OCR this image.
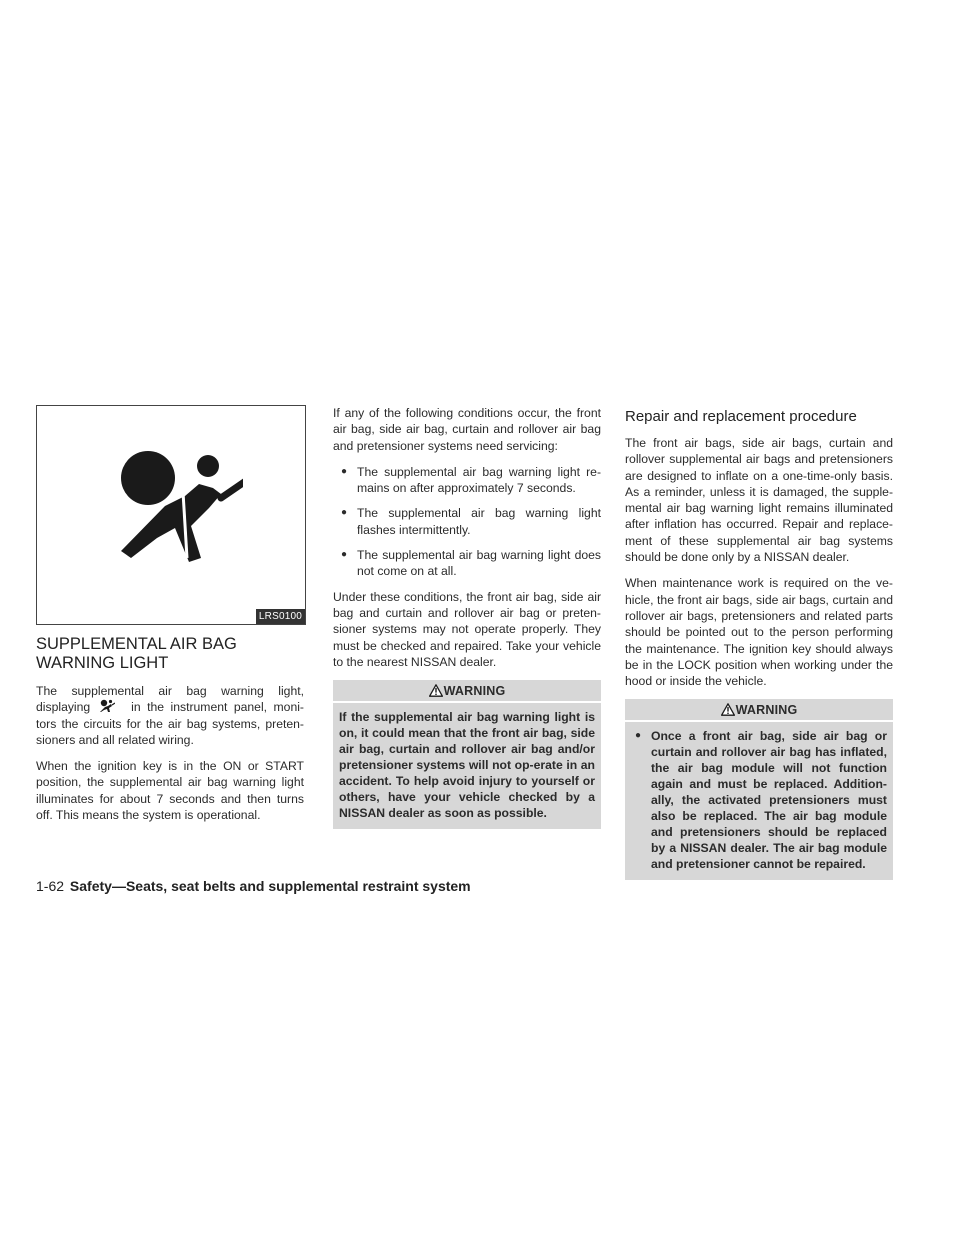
LRS0100
SUPPLEMENTAL AIR BAG WARNING LIGHT

The supplemental air bag warning light, displaying	in the instrument panel, moni-tors the circuits for the air bag systems, preten-sioners and all related wiring.

When the ignition key is in the ON or START position, the supplemental air bag warning light illuminates for about 7 seconds and then turns off. This means the system is operational.

If any of the following conditions occur, the front air bag, side air bag, curtain and rollover air bag and pretensioner systems need servicing:

● The supplemental air bag warning light re-mains on after approximately 7 seconds.
● The supplemental air bag warning light flashes intermittently.
● The supplemental air bag warning light does not come on at all.

Under these conditions, the front air bag, side air bag and curtain and rollover air bag or preten-sioner systems may not operate properly. They must be checked and repaired. Take your vehicle to the nearest NISSAN dealer.

WARNING
If the supplemental air bag warning light is on, it could mean that the front air bag, side air bag, curtain and rollover air bag and/or pretensioner systems will not op-erate in an accident. To help avoid injury to yourself or others, have your vehicle checked by a NISSAN dealer as soon as possible.
Repair and replacement procedure

The front air bags, side air bags, curtain and rollover supplemental air bags and pretensioners are designed to inflate on a one-time-only basis. As a reminder, unless it is damaged, the supple-mental air bag warning light remains illuminated after inflation has occurred. Repair and replace-ment of these supplemental air bag systems should be done only by a NISSAN dealer.

When maintenance work is required on the ve-hicle, the front air bags, side air bags, curtain and rollover air bags, pretensioners and related parts should be pointed out to the person performing the maintenance. The ignition key should always be in the LOCK position when working under the hood or inside the vehicle.

WARNING
● Once a front air bag, side air bag or curtain and rollover air bag has inflated, the air bag module will not function again and must be replaced. Addition-ally, the activated pretensioners must also be replaced. The air bag module and pretensioners should be replaced by a NISSAN dealer. The air bag module and pretensioner cannot be repaired.
1-62 Safety—Seats, seat belts and supplemental restraint system
